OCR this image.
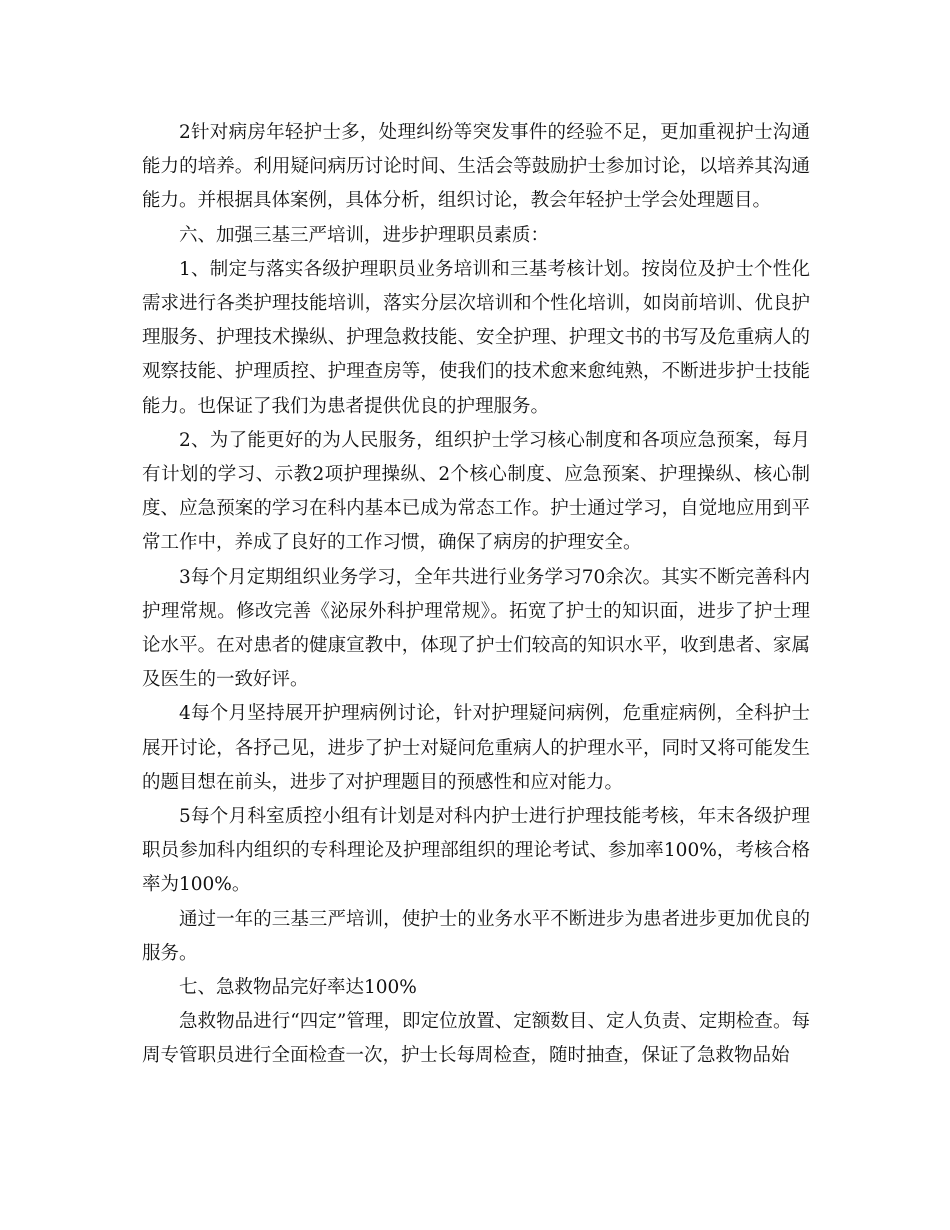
2针对病房年轻护士多，处理纠纷等突发事件的经验不足，更加重视护士沟通能力的培养。利用疑问病历讨论时间、生活会等鼓励护士参加讨论，以培养其沟通能力。并根据具体案例，具体分析，组织讨论，教会年轻护士学会处理题目。

六、加强三基三严培训，进步护理职员素质：

1、制定与落实各级护理职员业务培训和三基考核计划。按岗位及护士个性化需求进行各类护理技能培训，落实分层次培训和个性化培训，如岗前培训、优良护理服务、护理技术操纵、护理急救技能、安全护理、护理文书的书写及危重病人的观察技能、护理质控、护理查房等，使我们的技术愈来愈纯熟，不断进步护士技能能力。也保证了我们为患者提供优良的护理服务。

2、为了能更好的为人民服务，组织护士学习核心制度和各项应急预案，每月有计划的学习、示教2项护理操纵、2个核心制度、应急预案、护理操纵、核心制度、应急预案的学习在科内基本已成为常态工作。护士通过学习，自觉地应用到平常工作中，养成了良好的工作习惯，确保了病房的护理安全。

3每个月定期组织业务学习，全年共进行业务学习70余次。其实不断完善科内护理常规。修改完善《泌尿外科护理常规》。拓宽了护士的知识面，进步了护士理论水平。在对患者的健康宣教中，体现了护士们较高的知识水平，收到患者、家属及医生的一致好评。

4每个月坚持展开护理病例讨论，针对护理疑问病例，危重症病例，全科护士展开讨论，各抒己见，进步了护士对疑问危重病人的护理水平，同时又将可能发生的题目想在前头，进步了对护理题目的预感性和应对能力。

5每个月科室质控小组有计划是对科内护士进行护理技能考核，年末各级护理职员参加科内组织的专科理论及护理部组织的理论考试、参加率100%，考核合格率为100%。

通过一年的三基三严培训，使护士的业务水平不断进步为患者进步更加优良的服务。

七、急救物品完好率达100%

急救物品进行“四定”管理，即定位放置、定额数目、定人负责、定期检查。每周专管职员进行全面检查一次，护士长每周检查，随时抽查，保证了急救物品始
